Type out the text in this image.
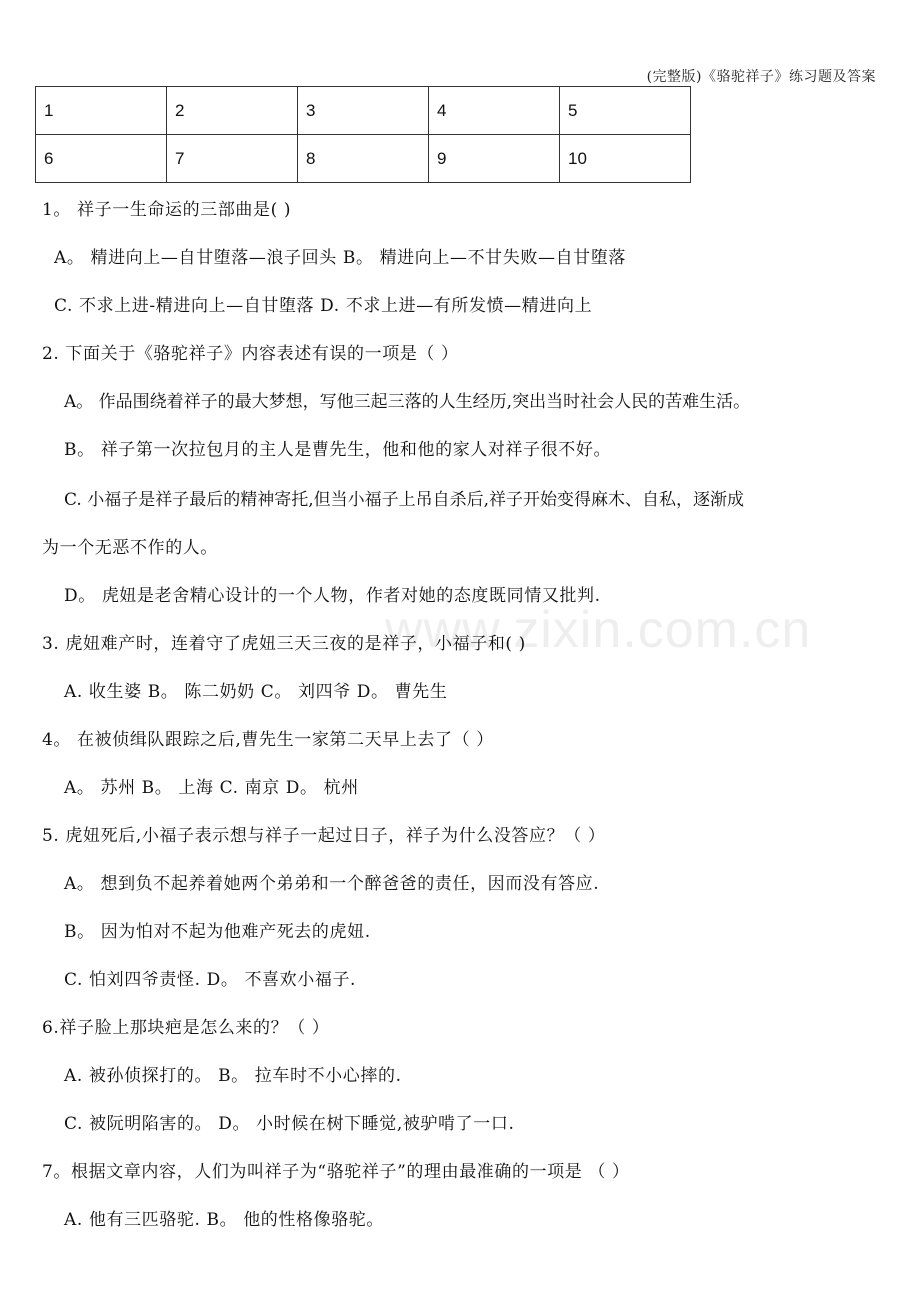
(完整版)《骆驼祥子》练习题及答案
1	2	3	4	5
6	7	8	9	10
www.zixin.com.cn
1。 祥子一生命运的三部曲是( )
A。 精进向上—自甘堕落—浪子回头 B。 精进向上—不甘失败—自甘堕落
C. 不求上进-精进向上—自甘堕落 D. 不求上进—有所发愤—精进向上
2. 下面关于《骆驼祥子》内容表述有误的一项是（ ）
A。 作品围绕着祥子的最大梦想，写他三起三落的人生经历,突出当时社会人民的苦难生活。
B。 祥子第一次拉包月的主人是曹先生，他和他的家人对祥子很不好。
C. 小福子是祥子最后的精神寄托,但当小福子上吊自杀后,祥子开始变得麻木、自私，逐渐成
为一个无恶不作的人。
D。 虎妞是老舍精心设计的一个人物，作者对她的态度既同情又批判.
3. 虎妞难产时，连着守了虎妞三天三夜的是祥子，小福子和( )
A. 收生婆 B。 陈二奶奶 C。 刘四爷 D。 曹先生
4。 在被侦缉队跟踪之后,曹先生一家第二天早上去了（ ）
A。 苏州 B。 上海 C. 南京 D。 杭州
5. 虎妞死后,小福子表示想与祥子一起过日子，祥子为什么没答应？（ ）
A。 想到负不起养着她两个弟弟和一个醉爸爸的责任，因而没有答应.
B。 因为怕对不起为他难产死去的虎妞.
C. 怕刘四爷责怪. D。 不喜欢小福子.
6.祥子脸上那块疤是怎么来的？（ ）
A. 被孙侦探打的。 B。 拉车时不小心摔的.
C. 被阮明陷害的。 D。 小时候在树下睡觉,被驴啃了一口.
7。根据文章内容，人们为叫祥子为“骆驼祥子”的理由最准确的一项是 （ ）
A. 他有三匹骆驼. B。 他的性格像骆驼。
